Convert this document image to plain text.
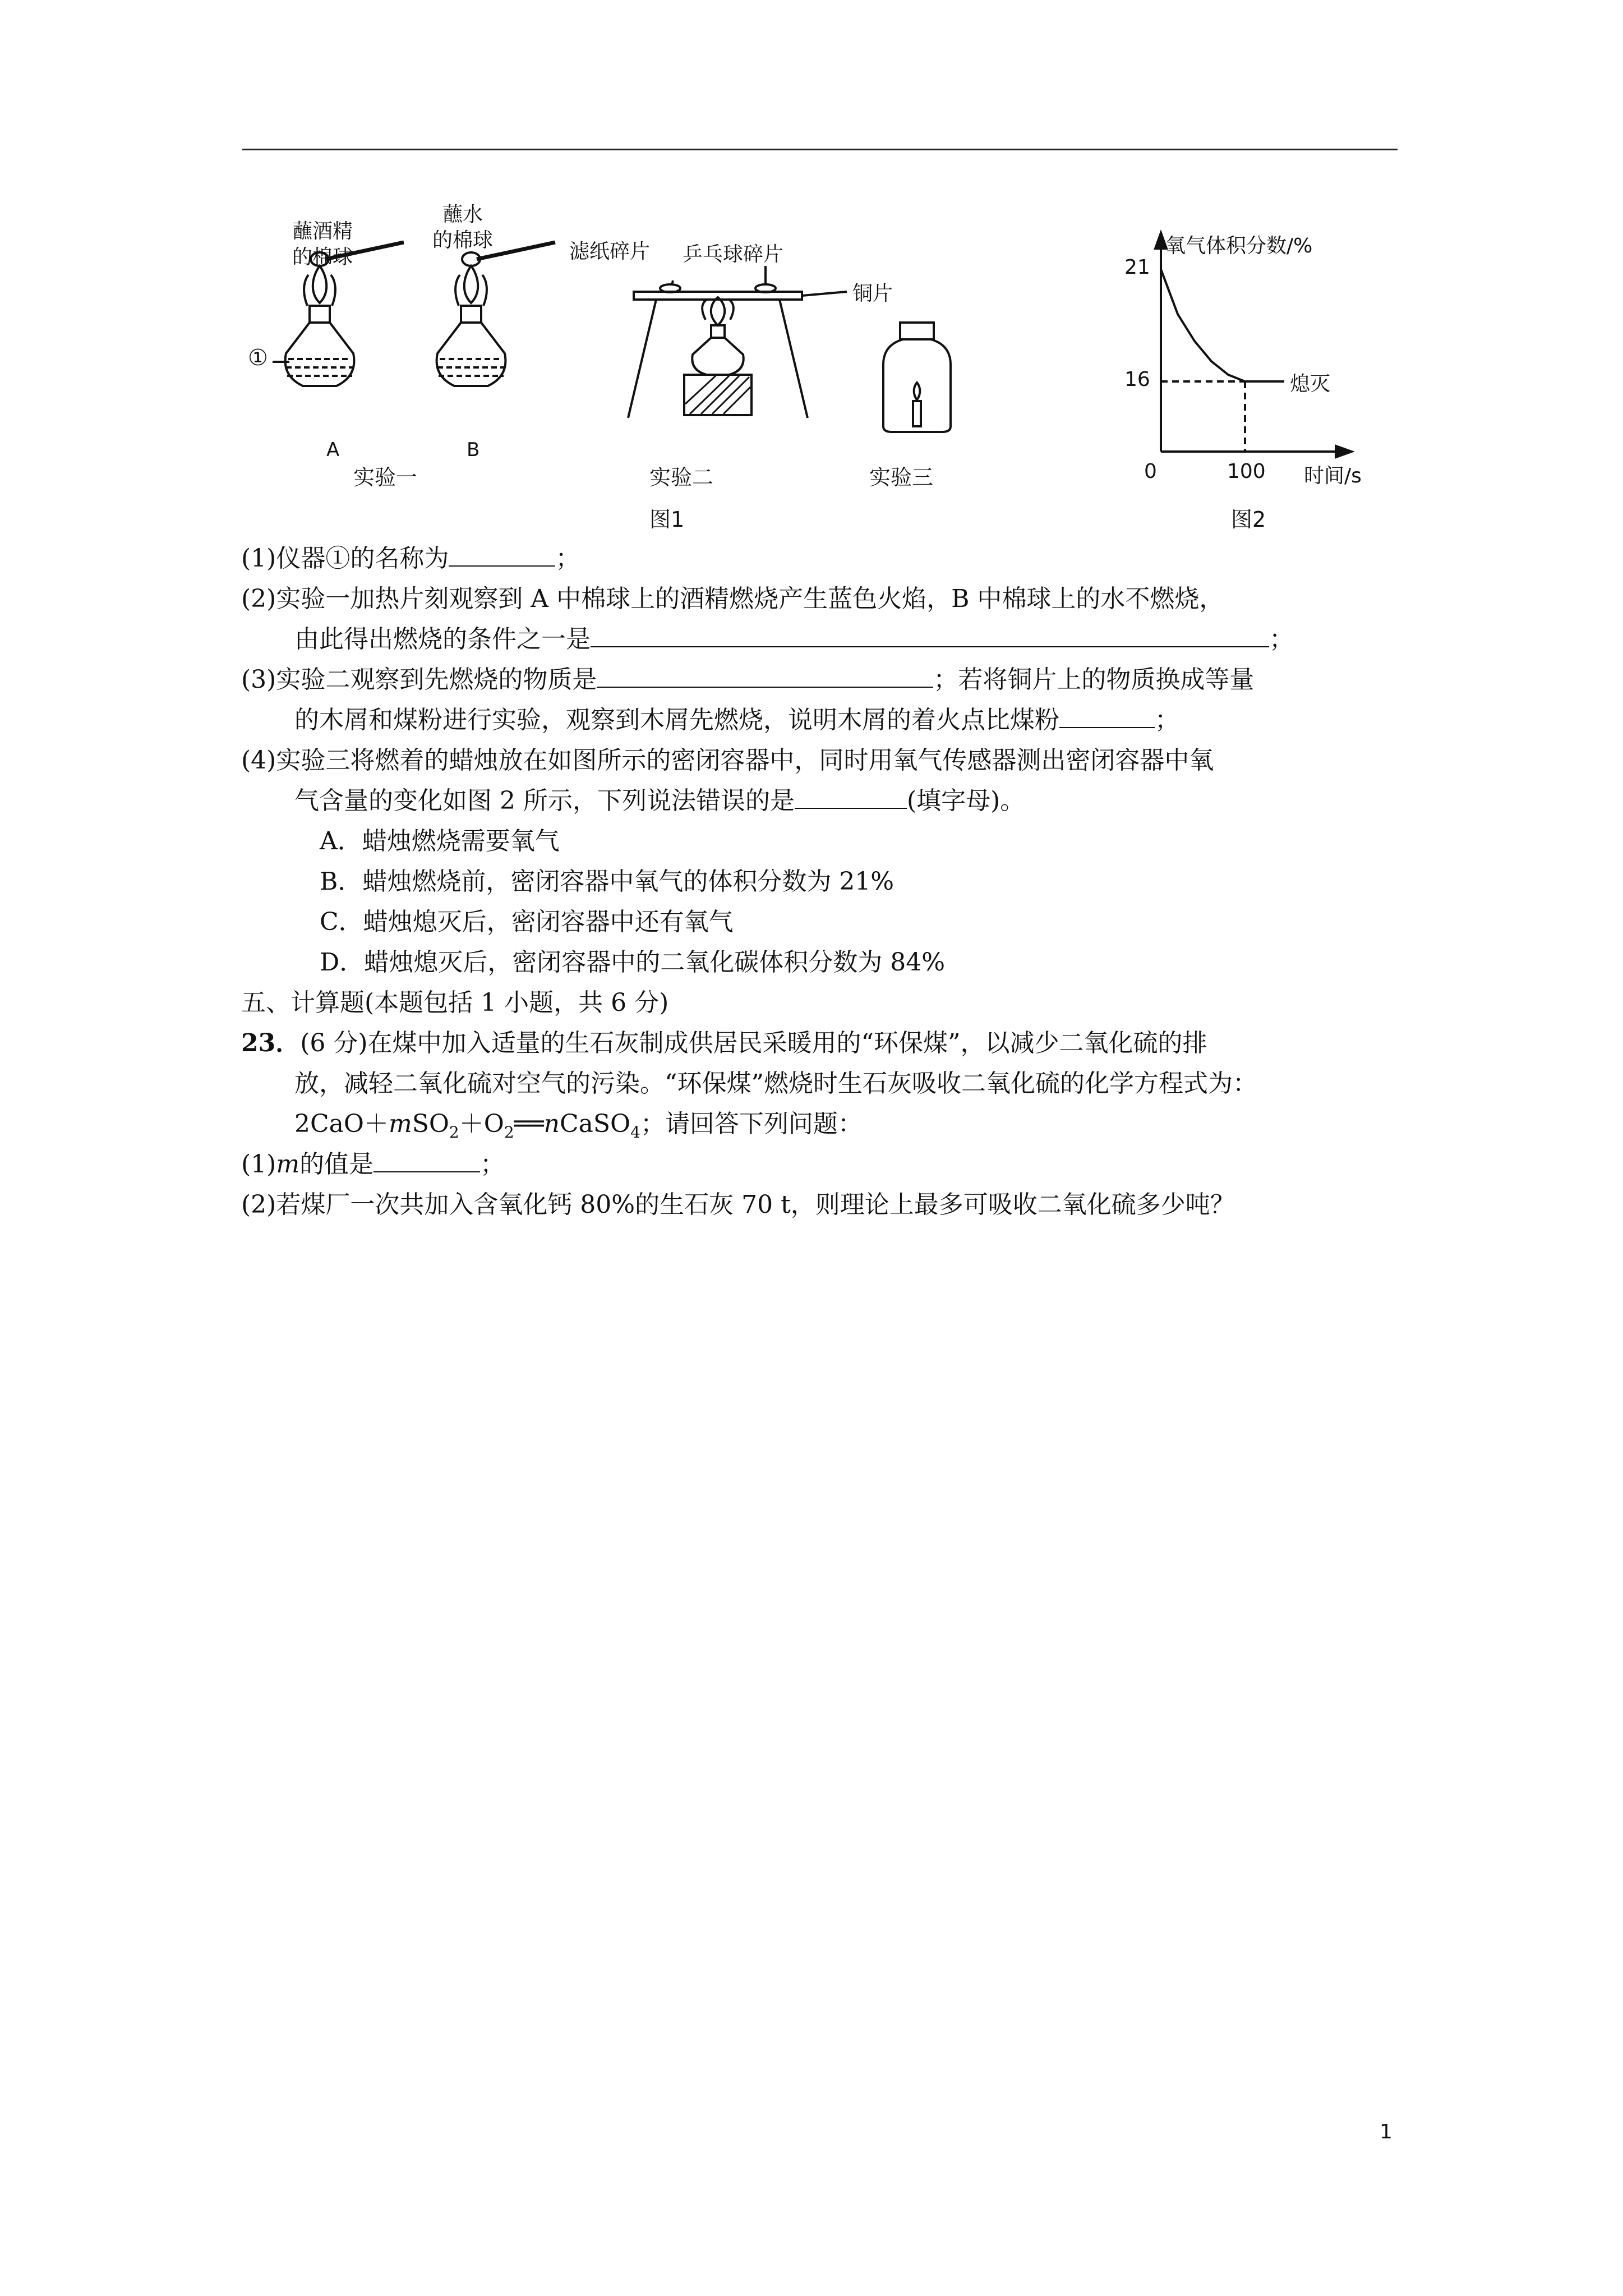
蘸酒精
的棉球
蘸水
的棉球
①
A	B
实验一
滤纸碎片 乒乓球碎片
铜片
实验二	实验三
图1
氧气体积分数/%
21
16
0	100 时间/s
熄灭
图2
(1)仪器①的名称为	；
(2)实验一加热片刻观察到 A 中棉球上的酒精燃烧产生蓝色火焰，B 中棉球上的水不燃烧，
由此得出燃烧的条件之一是	；
(3)实验二观察到先燃烧的物质是	；若将铜片上的物质换成等量
的木屑和煤粉进行实验，观察到木屑先燃烧，说明木屑的着火点比煤粉	；
(4)实验三将燃着的蜡烛放在如图所示的密闭容器中，同时用氧气传感器测出密闭容器中氧
气含量的变化如图 2 所示，下列说法错误的是	(填字母)。
A．蜡烛燃烧需要氧气
B．蜡烛燃烧前，密闭容器中氧气的体积分数为 21%
C．蜡烛熄灭后，密闭容器中还有氧气
D．蜡烛熄灭后，密闭容器中的二氧化碳体积分数为 84%
五、计算题(本题包括 1 小题，共 6 分)
23．(6 分)在煤中加入适量的生石灰制成供居民采暖用的“环保煤”，以减少二氧化硫的排
放，减轻二氧化硫对空气的污染。“环保煤”燃烧时生石灰吸收二氧化硫的化学方程式为：
$2CaO+mSO_2+O_2══nCaSO_4$；请回答下列问题：
(1)m的值是	；
(2)若煤厂一次共加入含氧化钙 80%的生石灰 70 t，则理论上最多可吸收二氧化硫多少吨？
1
